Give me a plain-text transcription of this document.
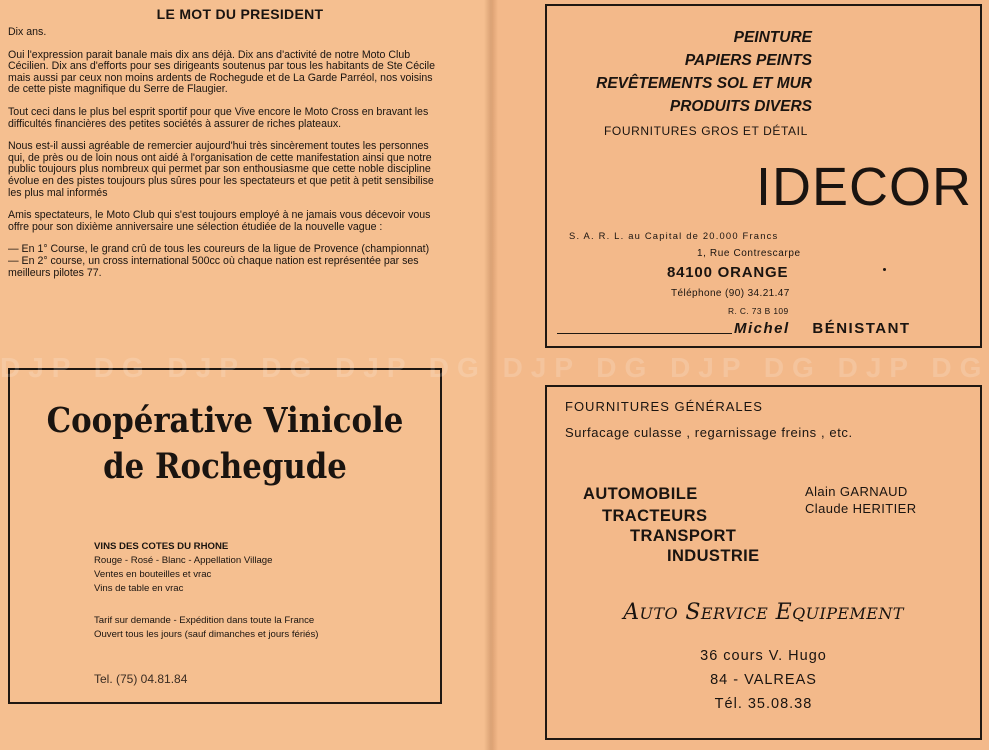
LE MOT DU PRESIDENT

Dix ans.

Oui l'expression parait banale mais dix ans déjà. Dix ans d'activité de notre Moto Club Cécilien. Dix ans d'efforts pour ses dirigeants soutenus par tous les habitants de Ste Cécile mais aussi par ceux non moins ardents de Rochegude et de La Garde Parréol, nos voisins de cette piste magnifique du Serre de Flaugier.

Tout ceci dans le plus bel esprit sportif pour que Vive encore le Moto Cross en bravant les difficultés financières des petites sociétés à assurer de riches plateaux.

Nous est-il aussi agréable de remercier aujourd'hui très sincèrement toutes les personnes qui, de près ou de loin nous ont aidé à l'organisation de cette manifestation ainsi que notre public toujours plus nombreux qui permet par son enthousiasme que cette noble discipline évolue en des pistes toujours plus sûres pour les spectateurs et que petit à petit sensibilise les plus mal informés

Amis spectateurs, le Moto Club qui s'est toujours employé à ne jamais vous décevoir vous offre pour son dixième anniversaire une sélection étudiée de la nouvelle vague :

— En 1° Course, le grand crû de tous les coureurs de la ligue de Provence (championnat)

— En 2° course, un cross international 500cc où chaque nation est représentée par ses meilleurs pilotes 77.

Coopérative Vinicole
de Rochegude
VINS DES COTES DU RHONE
Rouge - Rosé - Blanc - Appellation Village
Ventes en bouteilles et vrac
Vins de table en vrac
Tarif sur demande - Expédition dans toute la France
Ouvert tous les jours (sauf dimanches et jours fériés)
Tel. (75) 04.81.84
PEINTURE
PAPIERS PEINTS
REVÊTEMENTS SOL ET MUR
PRODUITS DIVERS
FOURNITURES GROS ET DÉTAIL
IDECOR
S. A. R. L. au Capital de 20.000 Francs
1, Rue Contrescarpe
84100 ORANGE
Téléphone (90) 34.21.47
R. C. 73 B 109
Michel BÉNISTANT
FOURNITURES GÉNÉRALES
Surfacage culasse , regarnissage freins , etc.
AUTOMOBILE
TRACTEURS
TRANSPORT
INDUSTRIE
Alain GARNAUD
Claude HERITIER
AUTO SERVICE EQUIPEMENT
36 cours V. Hugo
84 - VALREAS
Tél. 35.08.38
